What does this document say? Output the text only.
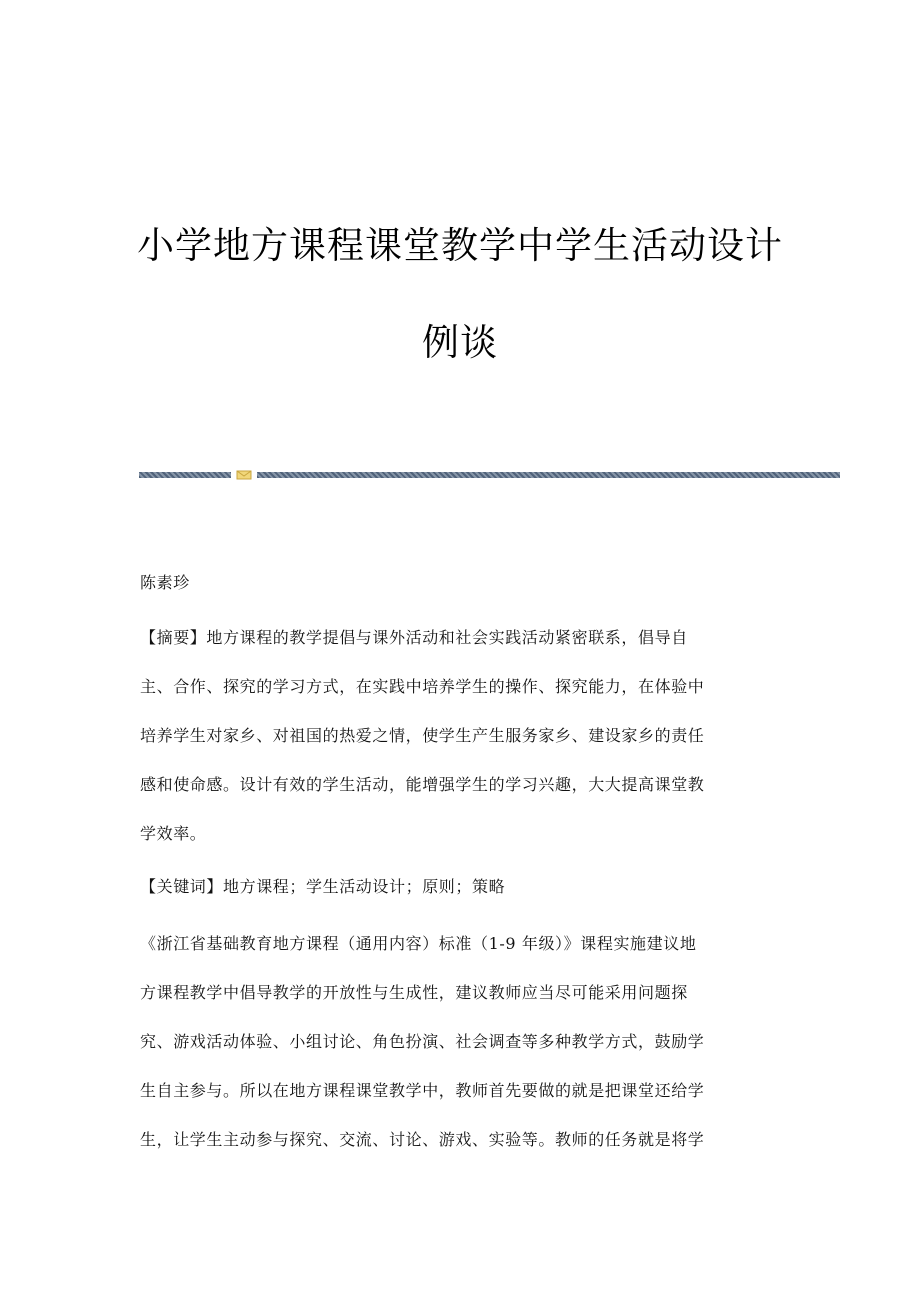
小学地方课程课堂教学中学生活动设计
例谈
陈素珍
【摘要】地方课程的教学提倡与课外活动和社会实践活动紧密联系，倡导自
主、合作、探究的学习方式，在实践中培养学生的操作、探究能力，在体验中
培养学生对家乡、对祖国的热爱之情，使学生产生服务家乡、建设家乡的责任
感和使命感。设计有效的学生活动，能增强学生的学习兴趣，大大提高课堂教
学效率。
【关键词】地方课程；学生活动设计；原则；策略
《浙江省基础教育地方课程（通用内容）标准（1-9 年级）》课程实施建议地
方课程教学中倡导教学的开放性与生成性，建议教师应当尽可能采用问题探
究、游戏活动体验、小组讨论、角色扮演、社会调查等多种教学方式，鼓励学
生自主参与。所以在地方课程课堂教学中，教师首先要做的就是把课堂还给学
生，让学生主动参与探究、交流、讨论、游戏、实验等。教师的任务就是将学
